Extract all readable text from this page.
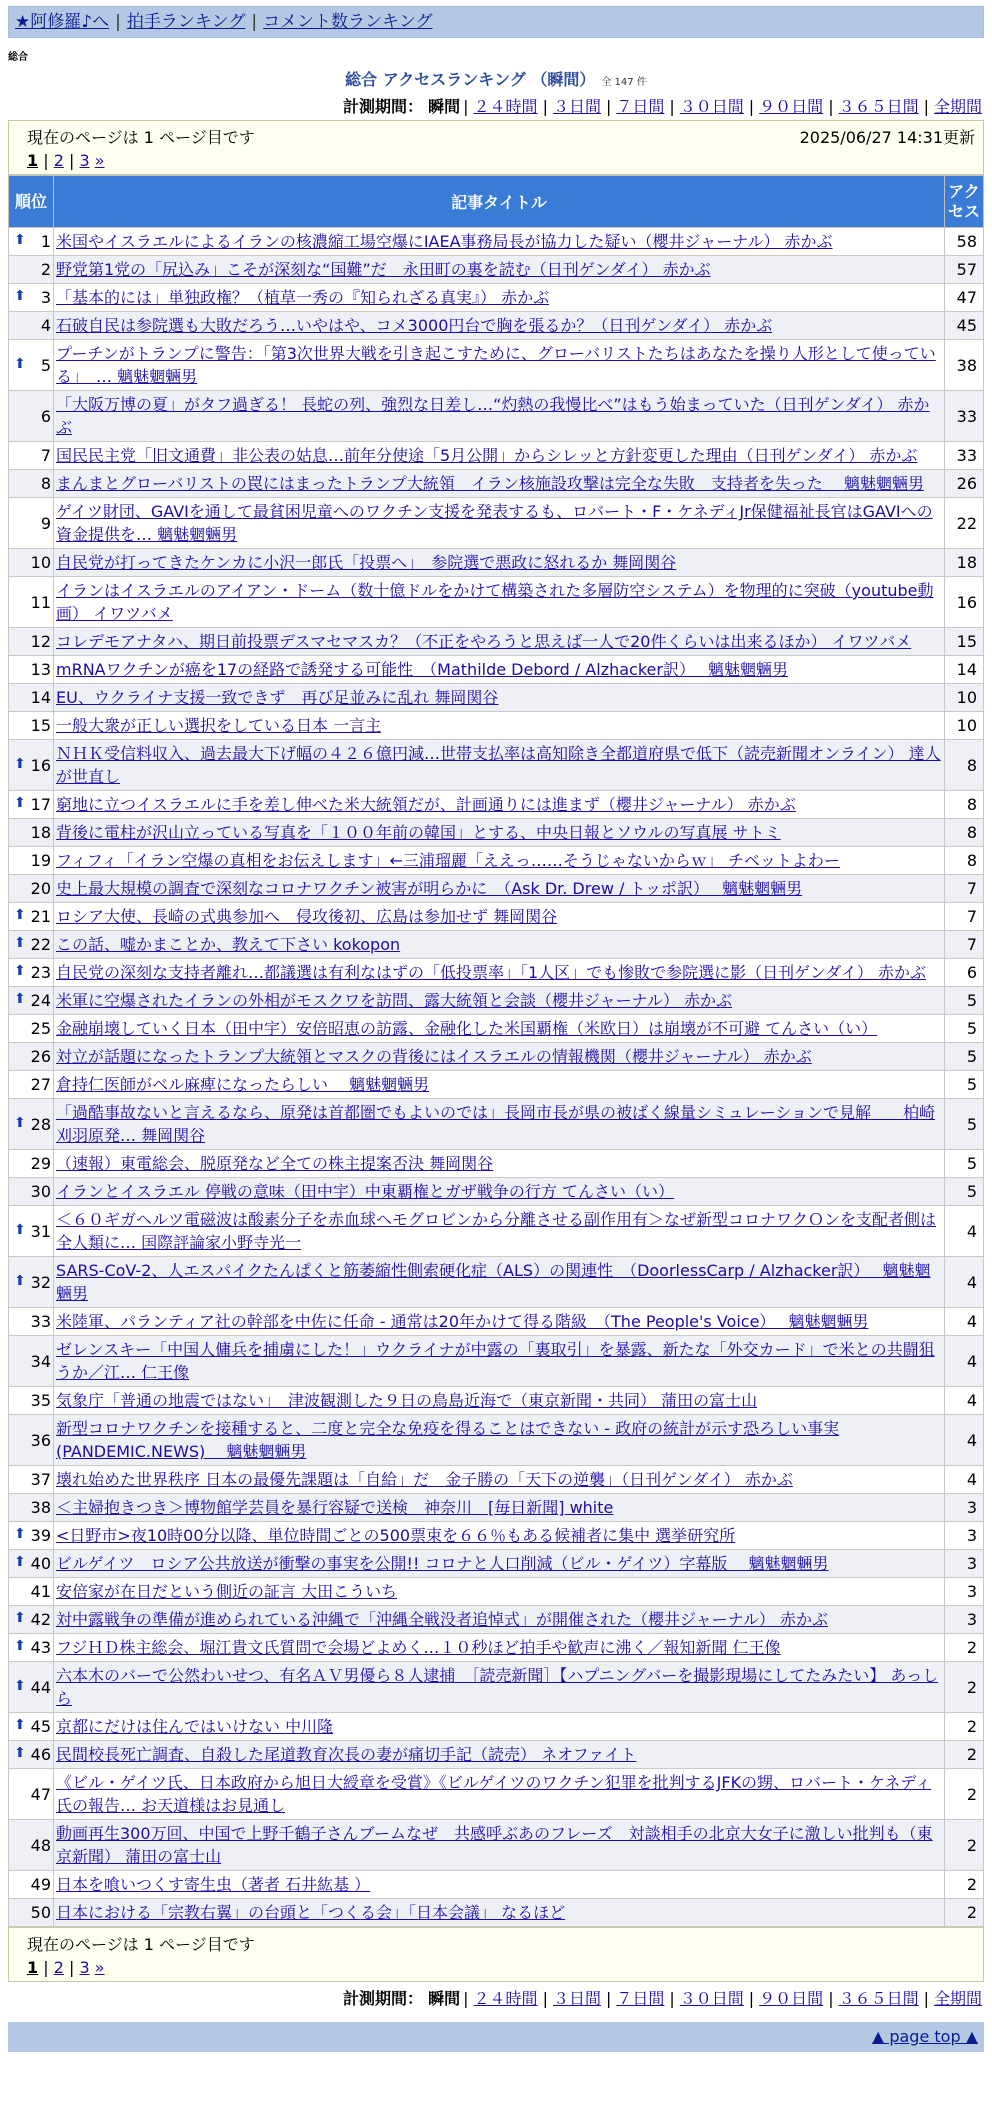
★阿修羅♪へ | 拍手ランキング | コメント数ランキング
総合
総合 アクセスランキング （瞬間） 全 147 件
計測期間： 瞬間 | ２４時間 | ３日間 | ７日間 | ３０日間 | ９０日間 | ３６５日間 | 全期間
現在のページは 1 ページ目です	2025/06/27 14:31更新
1 | 2 | 3 »
順位	記事タイトル	アクセス

⬆ 1	米国やイスラエルによるイランの核濃縮工場空爆にIAEA事務局長が協力した疑い（櫻井ジャーナル） 赤かぶ	58
2	野党第1党の「尻込み」こそが深刻な“国難”だ　永田町の裏を読む（日刊ゲンダイ） 赤かぶ	57

⬆ 3	「基本的には」単独政権？（植草一秀の『知られざる真実』） 赤かぶ	47
4	石破自民は参院選も大敗だろう…いやはや、コメ3000円台で胸を張るか？（日刊ゲンダイ） 赤かぶ	45

⬆ 5	プーチンがトランプに警告：「第3次世界大戦を引き起こすために、グローバリストたちはあなたを操り人形として使っている」　… 魑魅魍魎男	38
6	「大阪万博の夏」がタフ過ぎる！ 長蛇の列、強烈な日差し…“灼熱の我慢比べ”はもう始まっていた（日刊ゲンダイ） 赤かぶ	33
7	国民民主党「旧文通費」非公表の姑息…前年分使途「5月公開」からシレッと方針変更した理由（日刊ゲンダイ） 赤かぶ	33
8	まんまとグローバリストの罠にはまったトランプ大統領　イラン核施設攻撃は完全な失敗　支持者を失った　 魑魅魍魎男	26
9	ゲイツ財団、GAVIを通して最貧困児童へのワクチン支援を発表するも、ロバート・F・ケネディJr保健福祉長官はGAVIへの資金提供を… 魑魅魍魎男	22
10	自民党が打ってきたケンカに小沢一郎氏「投票へ」　参院選で悪政に怒れるか 舞岡関谷	18
11	イランはイスラエルのアイアン・ドーム（数十億ドルをかけて構築された多層防空システム）を物理的に突破（youtube動画） イワツバメ	16
12	コレデモアナタハ、期日前投票デスマセマスカ？（不正をやろうと思えば一人で20件くらいは出来るほか） イワツバメ	15
13	mRNAワクチンが癌を17の経路で誘発する可能性　（Mathilde Debord / Alzhacker訳）　 魑魅魍魎男	14
14	EU、ウクライナ支援一致できず　再び足並みに乱れ 舞岡関谷	10
15	一般大衆が正しい選択をしている日本 一言主	10

⬆ 16	ＮＨＫ受信料収入、過去最大下げ幅の４２６億円減…世帯支払率は高知除き全都道府県で低下（読売新聞オンライン） 達人が世直し	8

⬆ 17	窮地に立つイスラエルに手を差し伸べた米大統領だが、計画通りには進まず（櫻井ジャーナル） 赤かぶ	8
18	背後に電柱が沢山立っている写真を「１００年前の韓国」とする、中央日報とソウルの写真展 サトミ	8
19	フィフィ「イラン空爆の真相をお伝えします」←三浦瑠麗「ええっ……そうじゃないからｗ」 チベットよわー	8
20	史上最大規模の調査で深刻なコロナワクチン被害が明らかに　（Ask Dr. Drew / トッポ訳）　 魑魅魍魎男	7

⬆ 21	ロシア大使、長崎の式典参加へ　侵攻後初、広島は参加せず 舞岡関谷	7

⬆ 22	この話、嘘かまことか、教えて下さい kokopon	7

⬆ 23	自民党の深刻な支持者離れ…都議選は有利なはずの「低投票率」「1人区」でも惨敗で参院選に影（日刊ゲンダイ） 赤かぶ	6

⬆ 24	米軍に空爆されたイランの外相がモスクワを訪問、露大統領と会談（櫻井ジャーナル） 赤かぶ	5
25	金融崩壊していく日本（田中宇）安倍昭恵の訪露、金融化した米国覇権（米欧日）は崩壊が不可避 てんさい（い）	5
26	対立が話題になったトランプ大統領とマスクの背後にはイスラエルの情報機関（櫻井ジャーナル） 赤かぶ	5
27	倉持仁医師がベル麻痺になったらしい　 魑魅魍魎男	5

⬆ 28	「過酷事故ないと言えるなら、原発は首都圏でもよいのでは」長岡市長が県の被ばく線量シミュレーションで見解　　柏崎刈羽原発… 舞岡関谷	5
29	（速報）東電総会、脱原発など全ての株主提案否決 舞岡関谷	5
30	イランとイスラエル 停戦の意味（田中宇）中東覇権とガザ戦争の行方 てんさい（い）	5

⬆ 31	＜６０ギガヘルツ電磁波は酸素分子を赤血球ヘモグロビンから分離させる副作用有＞なぜ新型コロナワクＯンを支配者側は全人類に… 国際評論家小野寺光一	4

⬆ 32	SARS-CoV-2、人エスパイクたんぱくと筋萎縮性側索硬化症（ALS）の関連性　（DoorlessCarp / Alzhacker訳）　 魑魅魍魎男	4
33	米陸軍、パランティア社の幹部を中佐に任命 - 通常は20年かけて得る階級　（The People's Voice）　 魑魅魍魎男	4
34	ゼレンスキー「中国人傭兵を捕虜にした！」ウクライナが中露の「裏取引」を暴露、新たな「外交カード」で米との共闘狙うか／江… 仁王像	4
35	気象庁「普通の地震ではない」　津波観測した９日の鳥島近海で（東京新聞・共同） 蒲田の富士山	4
36	新型コロナワクチンを接種すると、二度と完全な免疫を得ることはできない - 政府の統計が示す恐ろしい事実(PANDEMIC.NEWS)　 魑魅魍魎男	4
37	壊れ始めた世界秩序 日本の最優先課題は「自給」だ　金子勝の「天下の逆襲」（日刊ゲンダイ） 赤かぶ	4
38	＜主婦抱きつき＞博物館学芸員を暴行容疑で送検　神奈川　[毎日新聞] white	3

⬆ 39	<日野市>夜10時00分以降、単位時間ごとの500票束を６６％もある候補者に集中 選挙研究所	3

⬆ 40	ビルゲイツ　ロシア公共放送が衝撃の事実を公開!! コロナと人口削減（ビル・ゲイツ）字幕版　 魑魅魍魎男	3
41	安倍家が在日だという側近の証言 大田こういち	3

⬆ 42	対中露戦争の準備が進められている沖縄で「沖縄全戦没者追悼式」が開催された（櫻井ジャーナル） 赤かぶ	3

⬆ 43	フジＨＤ株主総会、堀江貴文氏質問で会場どよめく…１０秒ほど拍手や歓声に沸く／報知新聞 仁王像	2

⬆ 44	六本木のバーで公然わいせつ、有名ＡＶ男優ら８人逮捕　［読売新聞］【ハプニングバーを撮影現場にしてたみたい】 あっしら	2

⬆ 45	京都にだけは住んではいけない 中川隆	2

⬆ 46	民間校長死亡調査、自殺した尾道教育次長の妻が痛切手記（読売） ネオファイト	2
47	《ビル・ゲイツ氏、日本政府から旭日大綬章を受賞》《ビルゲイツのワクチン犯罪を批判するJFKの甥、ロバート・ケネディ氏の報告… お天道様はお見通し	2
48	動画再生300万回、中国で上野千鶴子さんブームなぜ　共感呼ぶあのフレーズ　対談相手の北京大女子に激しい批判も（東京新聞） 蒲田の富士山	2
49	日本を喰いつくす寄生虫（著者 石井紘基 ）	2
50	日本における「宗教右翼」の台頭と「つくる会」「日本会議」 なるほど	2
現在のページは 1 ページ目です
1 | 2 | 3 »
計測期間： 瞬間 | ２４時間 | ３日間 | ７日間 | ３０日間 | ９０日間 | ３６５日間 | 全期間
▲ page top ▲
